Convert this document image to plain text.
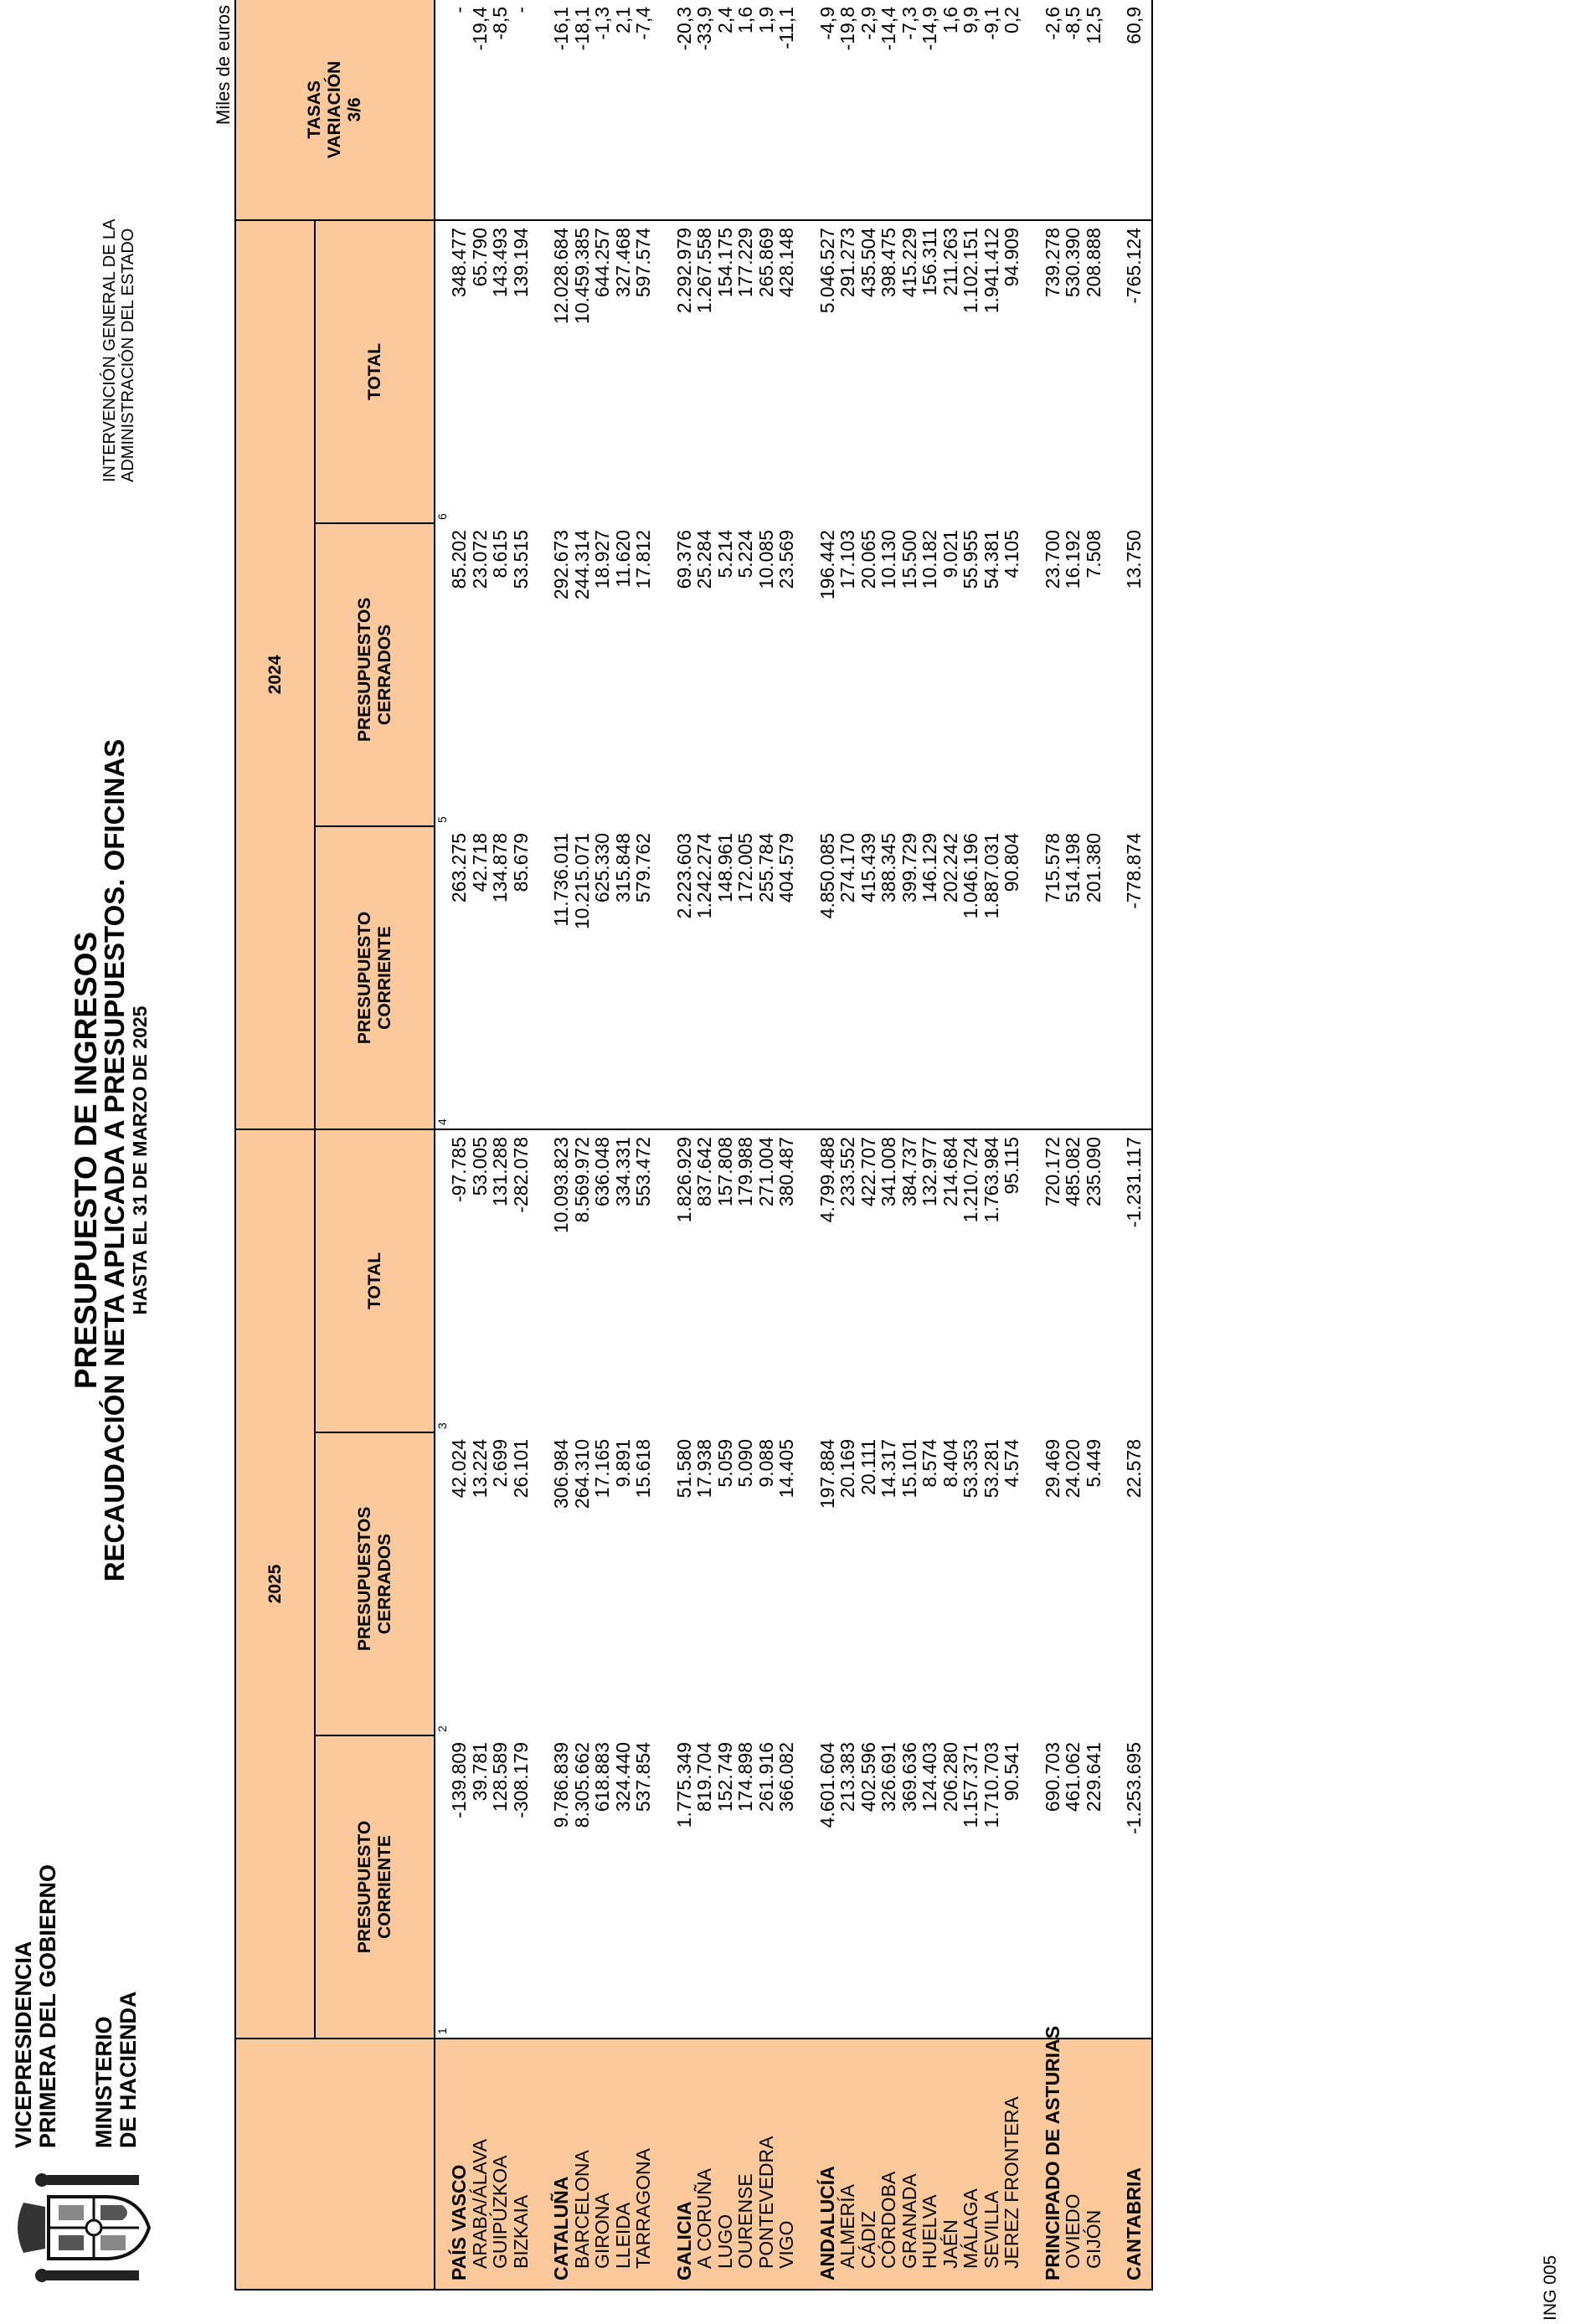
VICEPRESIDENCIA PRIMERA DEL GOBIERNO MINISTERIO DE HACIENDA
PRESUPUESTO DE INGRESOS
RECAUDACIÓN NETA APLICADA A PRESUPUESTOS. OFICINAS HASTA EL 31 DE MARZO DE 2025
INTERVENCIÓN GENERAL DE LA ADMINISTRACIÓN DEL ESTADO
Miles de euros
	2025			2024			TASAS VARIACIÓN 3/6
	PRESUPUESTO CORRIENTE	PRESUPUESTOS CERRADOS	TOTAL	PRESUPUESTO CORRIENTE	PRESUPUESTOS CERRADOS	TOTAL	
	1	2	3	4	5	6	
PAÍS VASCO	-139.809	42.024	-97.785	263.275	85.202	348.477	-
ARABA/ÁLAVA	39.781	13.224	53.005	42.718	23.072	65.790	-19,4
GUIPÚZKOA	128.589	2.699	131.288	134.878	8.615	143.493	-8,5
BIZKAIA	-308.179	26.101	-282.078	85.679	53.515	139.194	-

CATALUÑA	9.786.839	306.984	10.093.823	11.736.011	292.673	12.028.684	-16,1
BARCELONA	8.305.662	264.310	8.569.972	10.215.071	244.314	10.459.385	-18,1
GIRONA	618.883	17.165	636.048	625.330	18.927	644.257	-1,3
LLEIDA	324.440	9.891	334.331	315.848	11.620	327.468	2,1
TARRAGONA	537.854	15.618	553.472	579.762	17.812	597.574	-7,4

GALICIA	1.775.349	51.580	1.826.929	2.223.603	69.376	2.292.979	-20,3
A CORUÑA	819.704	17.938	837.642	1.242.274	25.284	1.267.558	-33,9
LUGO	152.749	5.059	157.808	148.961	5.214	154.175	2,4
OURENSE	174.898	5.090	179.988	172.005	5.224	177.229	1,6
PONTEVEDRA	261.916	9.088	271.004	255.784	10.085	265.869	1,9
VIGO	366.082	14.405	380.487	404.579	23.569	428.148	-11,1

ANDALUCÍA	4.601.604	197.884	4.799.488	4.850.085	196.442	5.046.527	-4,9
ALMERÍA	213.383	20.169	233.552	274.170	17.103	291.273	-19,8
CÁDIZ	402.596	20.111	422.707	415.439	20.065	435.504	-2,9
CÓRDOBA	326.691	14.317	341.008	388.345	10.130	398.475	-14,4
GRANADA	369.636	15.101	384.737	399.729	15.500	415.229	-7,3
HUELVA	124.403	8.574	132.977	146.129	10.182	156.311	-14,9
JAÉN	206.280	8.404	214.684	202.242	9.021	211.263	1,6
MÁLAGA	1.157.371	53.353	1.210.724	1.046.196	55.955	1.102.151	9,9
SEVILLA	1.710.703	53.281	1.763.984	1.887.031	54.381	1.941.412	-9,1
JEREZ FRONTERA	90.541	4.574	95.115	90.804	4.105	94.909	0,2

PRINCIPADO DE ASTURIAS	690.703	29.469	720.172	715.578	23.700	739.278	-2,6
OVIEDO	461.062	24.020	485.082	514.198	16.192	530.390	-8,5
GIJÓN	229.641	5.449	235.090	201.380	7.508	208.888	12,5

CANTABRIA	-1.253.695	22.578	-1.231.117	-778.874	13.750	-765.124	60,9

ING 005
